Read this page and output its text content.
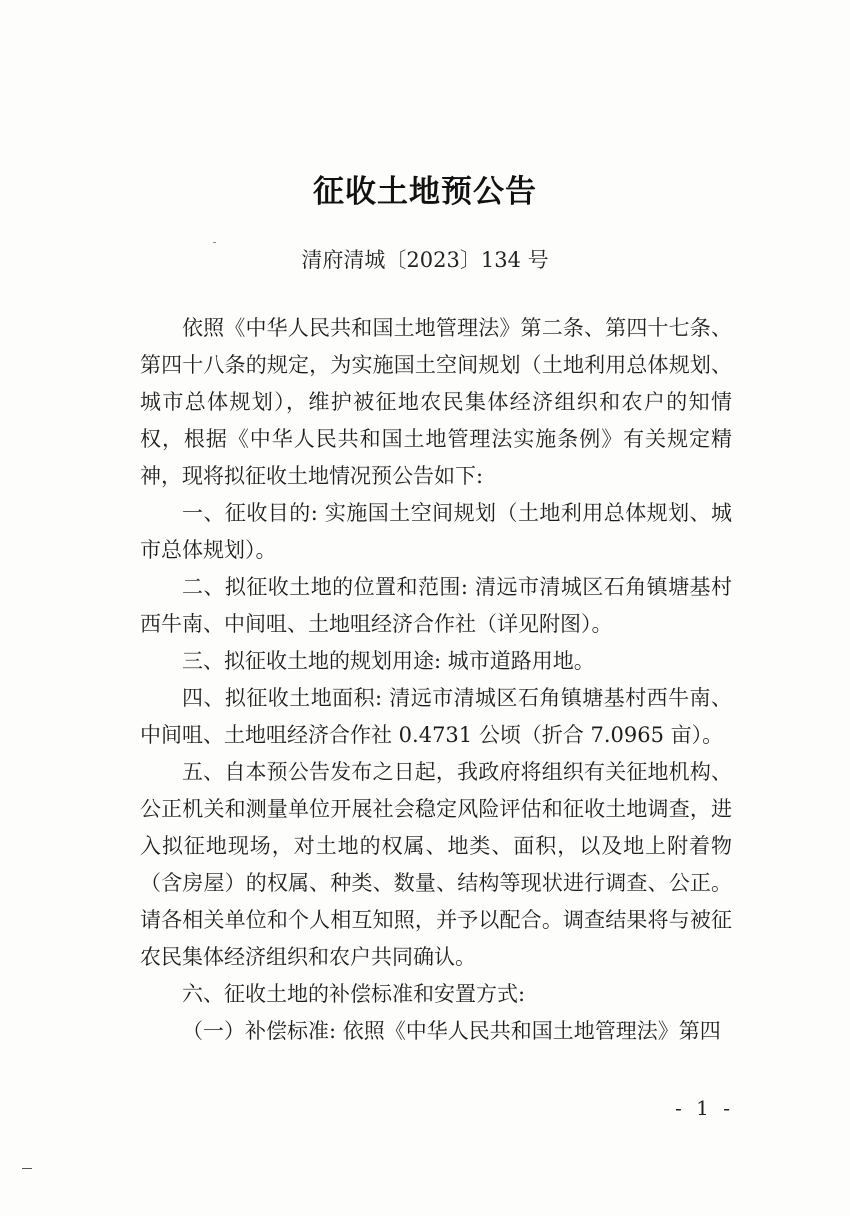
征收土地预公告
清府清城〔2023〕134 号

依照《中华人民共和国土地管理法》第二条、第四十七条、第四十八条的规定，为实施国土空间规划（土地利用总体规划、城市总体规划），维护被征地农民集体经济组织和农户的知情权，根据《中华人民共和国土地管理法实施条例》有关规定精神，现将拟征收土地情况预公告如下:

一、征收目的: 实施国土空间规划（土地利用总体规划、城市总体规划）。

二、拟征收土地的位置和范围: 清远市清城区石角镇塘基村西牛南、中间咀、土地咀经济合作社（详见附图）。

三、拟征收土地的规划用途: 城市道路用地。

四、拟征收土地面积: 清远市清城区石角镇塘基村西牛南、中间咀、土地咀经济合作社 0.4731 公顷（折合 7.0965 亩）。

五、自本预公告发布之日起，我政府将组织有关征地机构、公正机关和测量单位开展社会稳定风险评估和征收土地调查，进入拟征地现场，对土地的权属、地类、面积，以及地上附着物（含房屋）的权属、种类、数量、结构等现状进行调查、公正。请各相关单位和个人相互知照，并予以配合。调查结果将与被征农民集体经济组织和农户共同确认。

六、征收土地的补偿标准和安置方式:

（一）补偿标准: 依照《中华人民共和国土地管理法》第四

- 1 -
